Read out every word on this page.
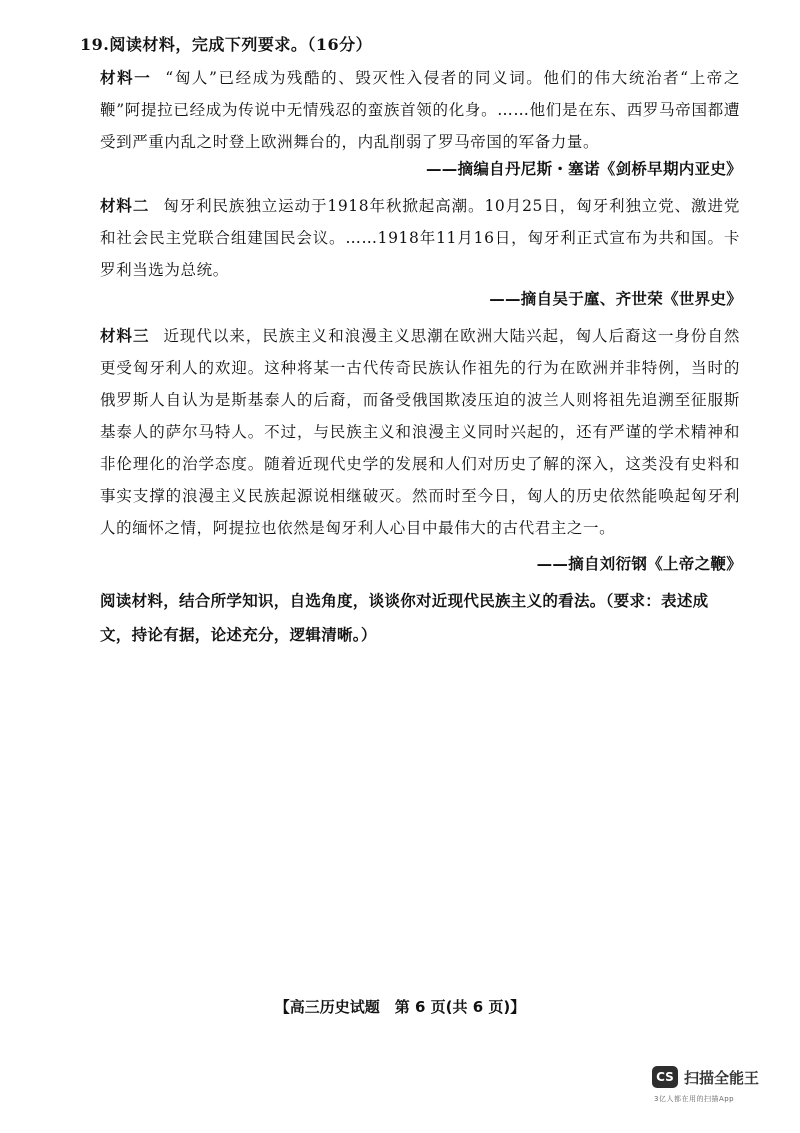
19.阅读材料，完成下列要求。（16分）
材料一 “匈人”已经成为残酷的、毁灭性入侵者的同义词。他们的伟大统治者“上帝之鞭”阿提拉已经成为传说中无情残忍的蛮族首领的化身。……他们是在东、西罗马帝国都遭受到严重内乱之时登上欧洲舞台的，内乱削弱了罗马帝国的军备力量。
——摘编自丹尼斯・塞诺《剑桥早期内亚史》
材料二 匈牙利民族独立运动于1918年秋掀起高潮。10月25日，匈牙利独立党、激进党和社会民主党联合组建国民会议。……1918年11月16日，匈牙利正式宣布为共和国。卡罗利当选为总统。
——摘自吴于廑、齐世荣《世界史》
材料三 近现代以来，民族主义和浪漫主义思潮在欧洲大陆兴起，匈人后裔这一身份自然更受匈牙利人的欢迎。这种将某一古代传奇民族认作祖先的行为在欧洲并非特例，当时的俄罗斯人自认为是斯基泰人的后裔，而备受俄国欺凌压迫的波兰人则将祖先追溯至征服斯基泰人的萨尔马特人。不过，与民族主义和浪漫主义同时兴起的，还有严谨的学术精神和非伦理化的治学态度。随着近现代史学的发展和人们对历史了解的深入，这类没有史料和事实支撑的浪漫主义民族起源说相继破灭。然而时至今日，匈人的历史依然能唤起匈牙利人的缅怀之情，阿提拉也依然是匈牙利人心目中最伟大的古代君主之一。
——摘自刘衍钢《上帝之鞭》
阅读材料，结合所学知识，自选角度，谈谈你对近现代民族主义的看法。（要求：表述成文，持论有据，论述充分，逻辑清晰。）
【高三历史试题　第 6 页(共 6 页)】
CS 扫描全能王
3亿人都在用的扫描App
